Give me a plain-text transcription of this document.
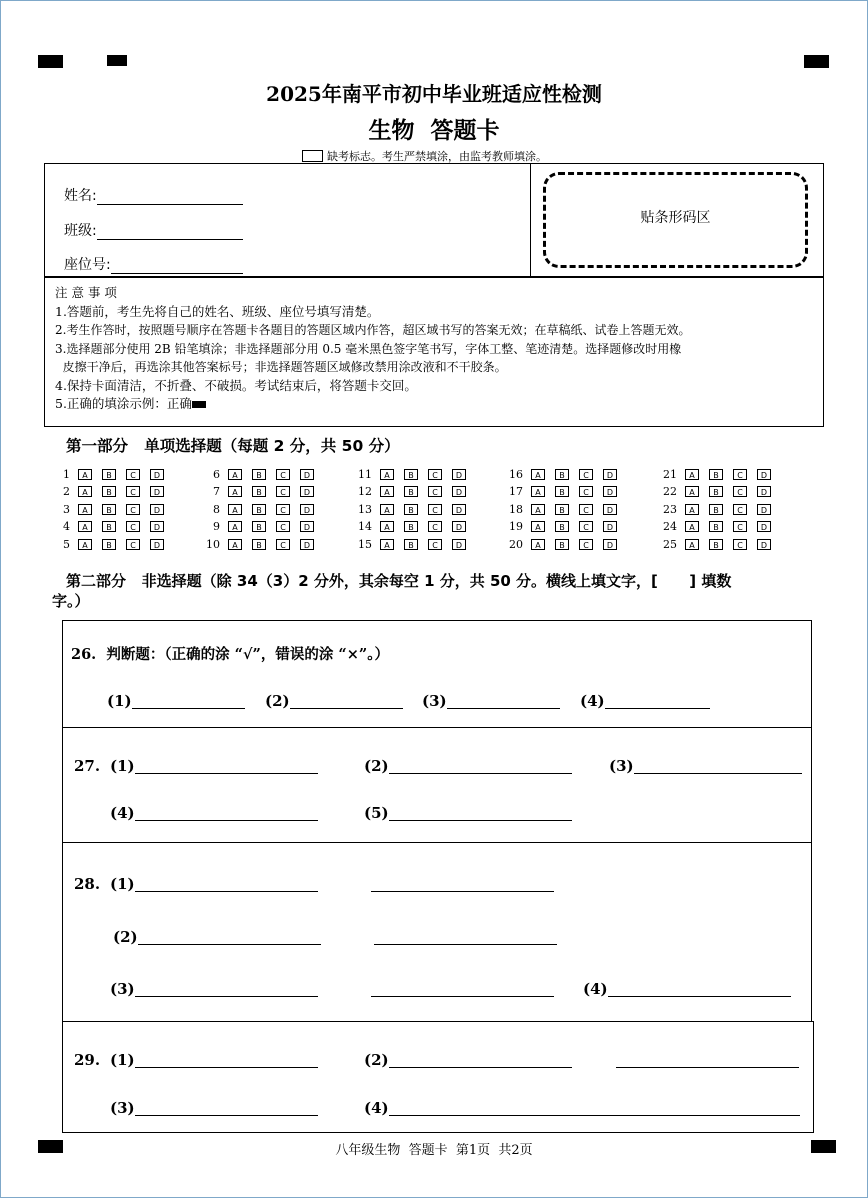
2025年南平市初中毕业班适应性检测
生物  答题卡
缺考标志。考生严禁填涂，由监考教师填涂。
姓名:
班级:
座位号:
贴条形码区
注 意 事 项
1.答题前，考生先将自己的姓名、班级、座位号填写清楚。
2.考生作答时，按照题号顺序在答题卡各题目的答题区域内作答，超区域书写的答案无效；在草稿纸、试卷上答题无效。
3.选择题部分使用 2B 铅笔填涂；非选择题部分用 0.5 毫米黑色签字笔书写，字体工整、笔迹清楚。选择题修改时用橡
皮擦干净后，再选涂其他答案标号；非选择题答题区域修改禁用涂改液和不干胶条。
4.保持卡面清洁，不折叠、不破损。考试结束后，将答题卡交回。
5.正确的填涂示例：正确
第一部分   单项选择题（每题 2 分，共 50 分）
1	A	B	C	D
2	A	B	C	D
3	A	B	C	D
4	A	B	C	D
5	A	B	C	D
6	A	B	C	D
7	A	B	C	D
8	A	B	C	D
9	A	B	C	D
10	A	B	C	D
11	A	B	C	D
12	A	B	C	D
13	A	B	C	D
14	A	B	C	D
15	A	B	C	D
16	A	B	C	D
17	A	B	C	D
18	A	B	C	D
19	A	B	C	D
20	A	B	C	D
21	A	B	C	D
22	A	B	C	D
23	A	B	C	D
24	A	B	C	D
25	A	B	C	D
第二部分   非选择题（除 34（3）2 分外，其余每空 1 分，共 50 分。横线上填文字，[      ] 填数
字。）
26.  判断题：（正确的涂 “√”，错误的涂 “×”。）
(1)	(2)	(3)	(4)
27. (1)	(2)	(3)
(4)	(5)
28. (1)
(2)
(3)	(4)
29. (1)	(2)
(3)	(4)
八年级生物  答题卡  第1页  共2页
